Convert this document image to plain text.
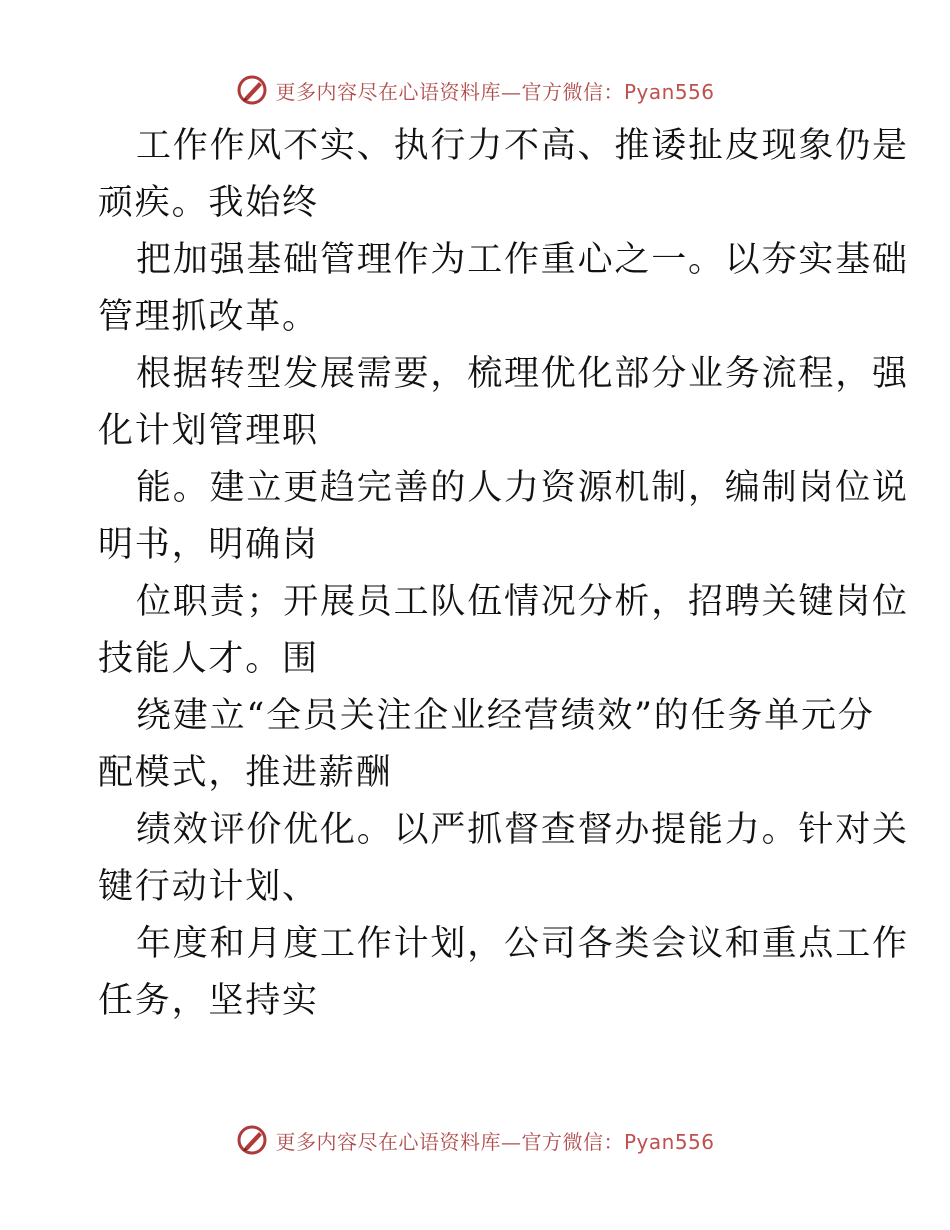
更多内容尽在心语资料库—官方微信：Pyan556

工作作风不实、执行力不高、推诿扯皮现象仍是
顽疾。我始终

把加强基础管理作为工作重心之一。以夯实基础
管理抓改革。

根据转型发展需要，梳理优化部分业务流程，强
化计划管理职

能。建立更趋完善的人力资源机制，编制岗位说
明书，明确岗

位职责；开展员工队伍情况分析，招聘关键岗位
技能人才。围

绕建立“全员关注企业经营绩效”的任务单元分
配模式，推进薪酬

绩效评价优化。以严抓督查督办提能力。针对关
键行动计划、

年度和月度工作计划，公司各类会议和重点工作
任务，坚持实

更多内容尽在心语资料库—官方微信：Pyan556
